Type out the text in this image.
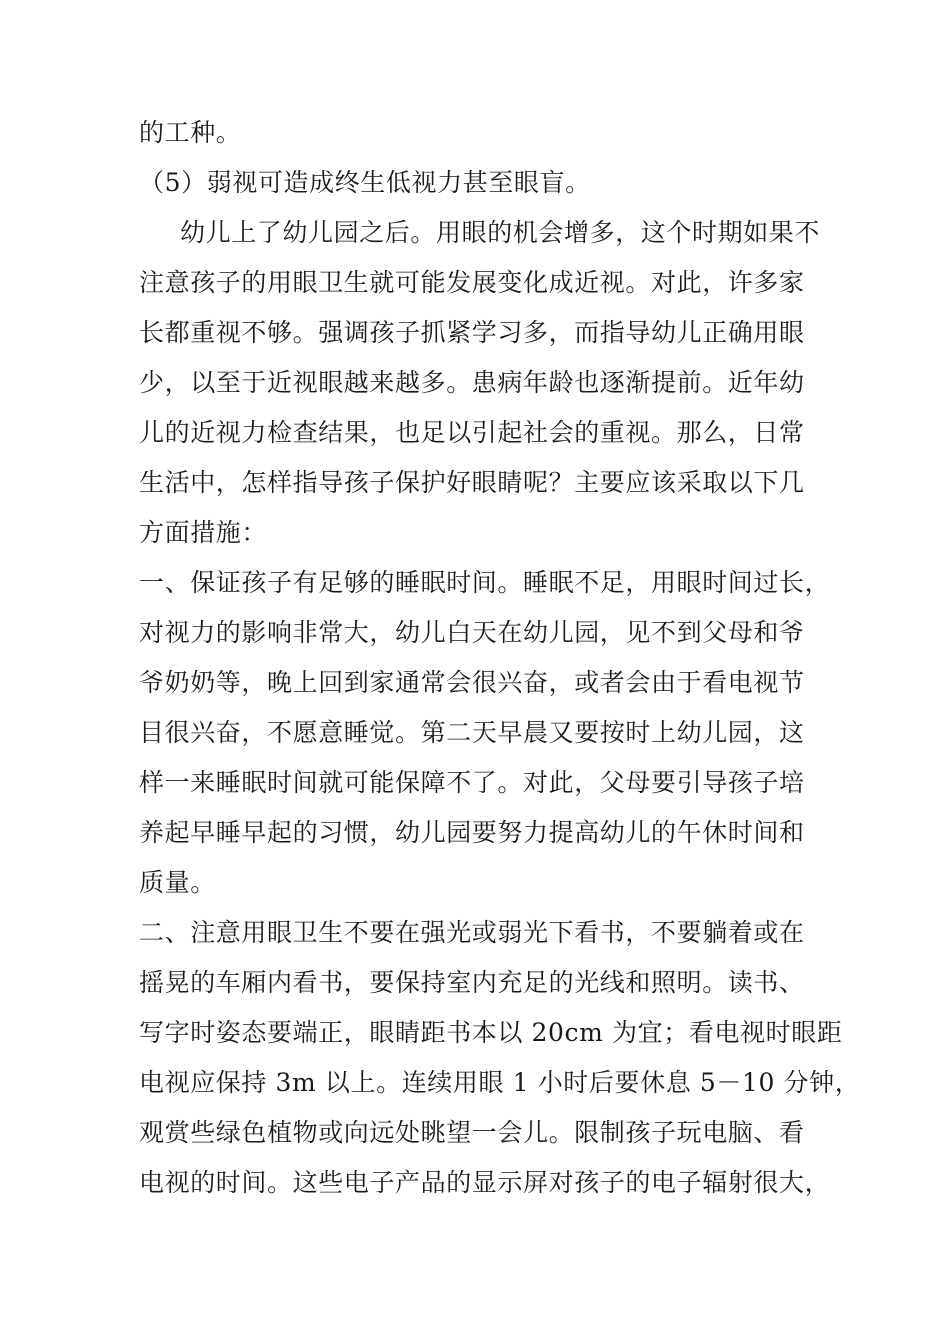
的工种。
（5）弱视可造成终生低视力甚至眼盲。
幼儿上了幼儿园之后。用眼的机会增多，这个时期如果不
注意孩子的用眼卫生就可能发展变化成近视。对此，许多家
长都重视不够。强调孩子抓紧学习多，而指导幼儿正确用眼
少，以至于近视眼越来越多。患病年龄也逐渐提前。近年幼
儿的近视力检查结果，也足以引起社会的重视。那么，日常
生活中，怎样指导孩子保护好眼睛呢？主要应该采取以下几
方面措施：
一、保证孩子有足够的睡眠时间。睡眠不足，用眼时间过长，
对视力的影响非常大，幼儿白天在幼儿园，见不到父母和爷
爷奶奶等，晚上回到家通常会很兴奋，或者会由于看电视节
目很兴奋，不愿意睡觉。第二天早晨又要按时上幼儿园，这
样一来睡眠时间就可能保障不了。对此，父母要引导孩子培
养起早睡早起的习惯，幼儿园要努力提高幼儿的午休时间和
质量。
二、注意用眼卫生不要在强光或弱光下看书，不要躺着或在
摇晃的车厢内看书，要保持室内充足的光线和照明。读书、
写字时姿态要端正，眼睛距书本以 20cm 为宜；看电视时眼距
电视应保持 3m 以上。连续用眼 1 小时后要休息 5－10 分钟，
观赏些绿色植物或向远处眺望一会儿。限制孩子玩电脑、看
电视的时间。这些电子产品的显示屏对孩子的电子辐射很大，
